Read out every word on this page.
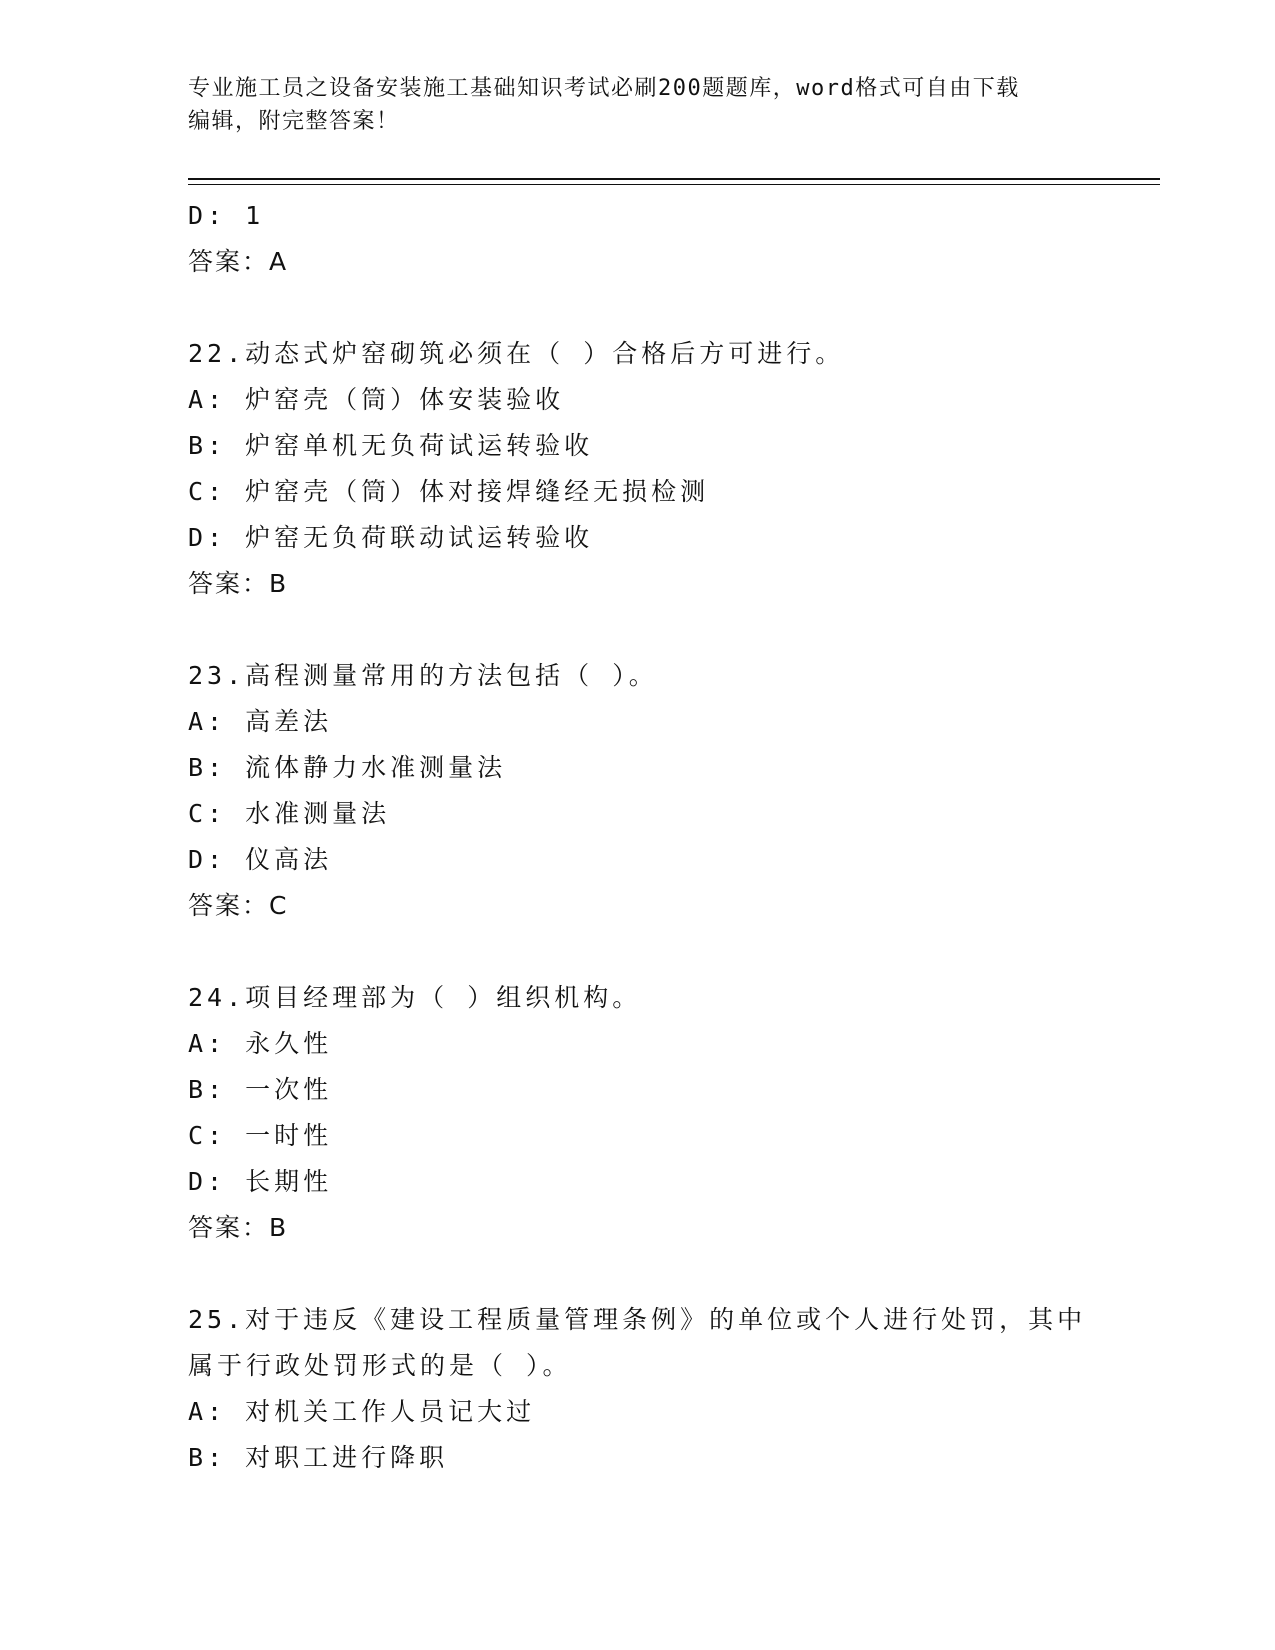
专业施工员之设备安装施工基础知识考试必刷200题题库，word格式可自由下载
编辑，附完整答案！
D: 1
答案：A
22.动态式炉窑砌筑必须在（ ）合格后方可进行。
A: 炉窑壳（筒）体安装验收
B: 炉窑单机无负荷试运转验收
C: 炉窑壳（筒）体对接焊缝经无损检测
D: 炉窑无负荷联动试运转验收
答案：B
23.高程测量常用的方法包括（ ）。
A: 高差法
B: 流体静力水准测量法
C: 水准测量法
D: 仪高法
答案：C
24.项目经理部为（ ）组织机构。
A: 永久性
B: 一次性
C: 一时性
D: 长期性
答案：B
25.对于违反《建设工程质量管理条例》的单位或个人进行处罚，其中
属于行政处罚形式的是（ ）。
A: 对机关工作人员记大过
B: 对职工进行降职
